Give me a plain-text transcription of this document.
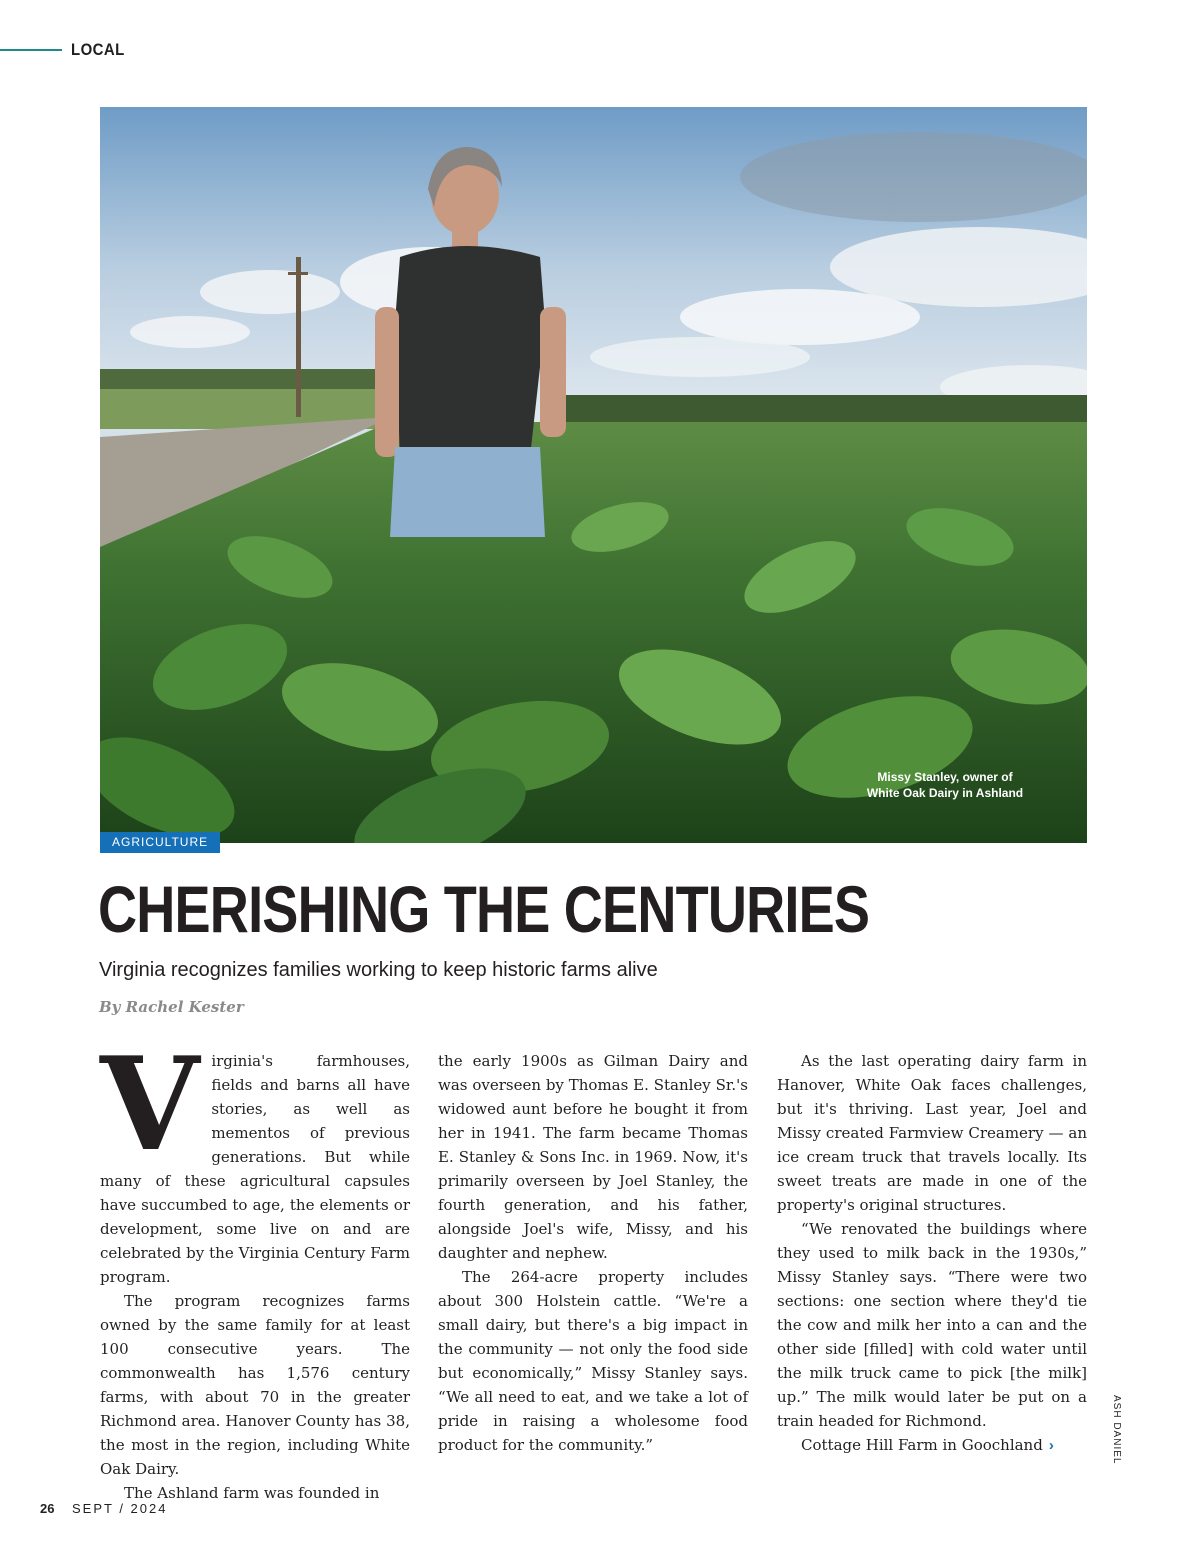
LOCAL
Missy Stanley, owner of
White Oak Dairy in Ashland
AGRICULTURE
CHERISHING THE CENTURIES
Virginia recognizes families working to keep historic farms alive
By Rachel Kester

Virginia's farmhouses, fields and barns all have stories, as well as mementos of previous generations. But while many of these agricultural capsules have succumbed to age, the elements or development, some live on and are celebrated by the Virginia Century Farm program.

The program recognizes farms owned by the same family for at least 100 consecutive years. The commonwealth has 1,576 century farms, with about 70 in the greater Richmond area. Hanover County has 38, the most in the region, including White Oak Dairy.

The Ashland farm was founded in

the early 1900s as Gilman Dairy and was overseen by Thomas E. Stanley Sr.'s widowed aunt before he bought it from her in 1941. The farm became Thomas E. Stanley & Sons Inc. in 1969. Now, it's primarily overseen by Joel Stanley, the fourth generation, and his father, alongside Joel's wife, Missy, and his daughter and nephew.

The 264-acre property includes about 300 Holstein cattle. “We're a small dairy, but there's a big impact in the community — not only the food side but economically,” Missy Stanley says. “We all need to eat, and we take a lot of pride in raising a wholesome food product for the community.”

As the last operating dairy farm in Hanover, White Oak faces challenges, but it's thriving. Last year, Joel and Missy created Farmview Creamery — an ice cream truck that travels locally. Its sweet treats are made in one of the property's original structures.

“We renovated the buildings where they used to milk back in the 1930s,” Missy Stanley says. “There were two sections: one section where they'd tie the cow and milk her into a can and the other side [filled] with cold water until the milk truck came to pick [the milk] up.” The milk would later be put on a train headed for Richmond.

Cottage Hill Farm in Goochland ›	ASH DANIEL
26 SEPT / 2024
